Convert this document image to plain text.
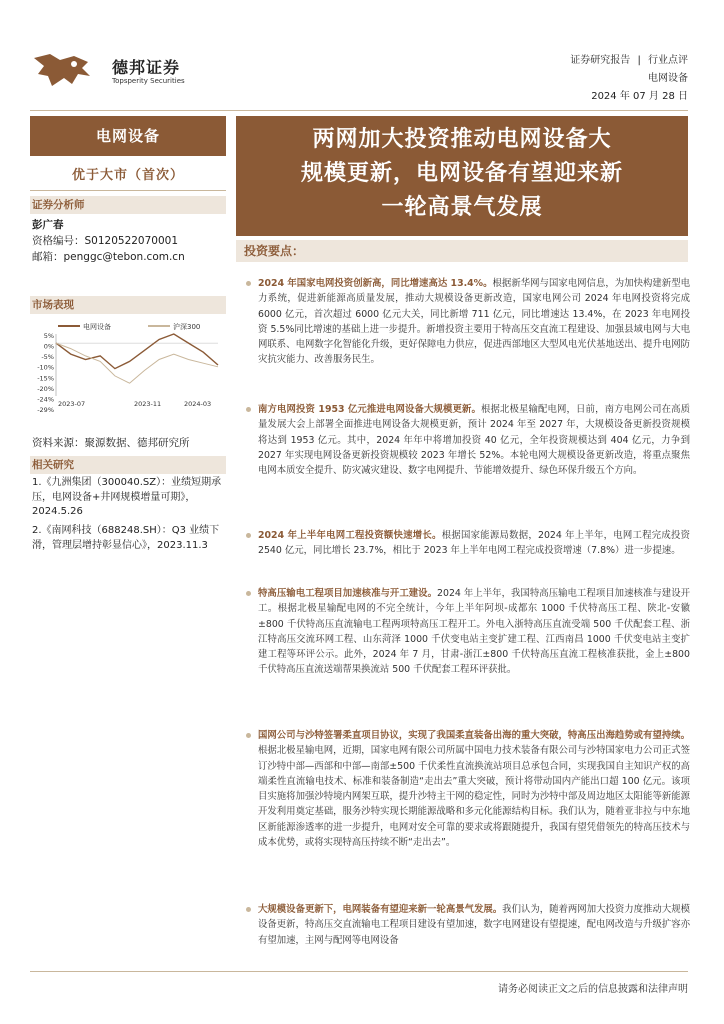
德邦证券
Topsperity Securities
证券研究报告 | 行业点评
电网设备
2024 年 07 月 28 日
电网设备
优于大市（首次）
证券分析师
彭广春
资格编号：S0120522070001
邮箱：penggc@tebon.com.cn
市场表现
5%
0%
-5%
-10%
-15%
-20%
-24%
-29%
2023-07	2023-11	2024-03
电网设备	沪深300
资料来源：聚源数据、德邦研究所
相关研究
1.《九洲集团（300040.SZ）：业绩短期承压，电网设备+井网规模增量可期》，2024.5.26
2.《南网科技（688248.SH）：Q3 业绩下滑，管理层增持彰显信心》，2023.11.3
两网加大投资推动电网设备大
规模更新，电网设备有望迎来新
一轮高景气发展
投资要点：
2024 年国家电网投资创新高，同比增速高达 13.4%。根据新华网与国家电网信息，为加快构建新型电力系统，促进新能源高质量发展，推动大规模设备更新改造，国家电网公司 2024 年电网投资将完成 6000 亿元，首次超过 6000 亿元大关，同比新增 711 亿元，同比增速达 13.4%，在 2023 年电网投资 5.5%同比增速的基础上进一步提升。新增投资主要用于特高压交直流工程建设、加强县域电网与大电网联系、电网数字化智能化升级，更好保障电力供应，促进西部地区大型风电光伏基地送出、提升电网防灾抗灾能力、改善服务民生。
南方电网投资 1953 亿元推进电网设备大规模更新。根据北极星输配电网，日前，南方电网公司在高质量发展大会上部署全面推进电网设备大规模更新，预计 2024 年至 2027 年，大规模设备更新投资规模将达到 1953 亿元。其中，2024 年年中将增加投资 40 亿元，全年投资规模达到 404 亿元，力争到 2027 年实现电网设备更新投资规模较 2023 年增长 52%。本轮电网大规模设备更新改造，将重点聚焦电网本质安全提升、防灾减灾建设、数字电网提升、节能增效提升、绿色环保升级五个方向。
2024 年上半年电网工程投资额快速增长。根据国家能源局数据，2024 年上半年，电网工程完成投资 2540 亿元，同比增长 23.7%，相比于 2023 年上半年电网工程完成投资增速（7.8%）进一步提速。
特高压输电工程项目加速核准与开工建设。2024 年上半年，我国特高压输电工程项目加速核准与建设开工。根据北极星输配电网的不完全统计，今年上半年阿坝-成都东 1000 千伏特高压工程、陕北-安徽±800 千伏特高压直流输电工程两项特高压工程开工。外电入浙特高压直流受端 500 千伏配套工程、浙江特高压交流环网工程、山东菏泽 1000 千伏变电站主变扩建工程、江西南昌 1000 千伏变电站主变扩建工程等环评公示。此外，2024 年 7 月，甘肃-浙江±800 千伏特高压直流工程核准获批，金上±800 千伏特高压直流送端帮果换流站 500 千伏配套工程环评获批。
国网公司与沙特签署柔直项目协议，实现了我国柔直装备出海的重大突破，特高压出海趋势或有望持续。根据北极星输电网，近期，国家电网有限公司所属中国电力技术装备有限公司与沙特国家电力公司正式签订沙特中部—西部和中部—南部±500 千伏柔性直流换流站项目总承包合同，实现我国自主知识产权的高端柔性直流输电技术、标准和装备制造“走出去”重大突破，预计将带动国内产能出口超 100 亿元。该项目实施将加强沙特境内网架互联，提升沙特主干网的稳定性，同时为沙特中部及周边地区太阳能等新能源开发利用奠定基础，服务沙特实现长期能源战略和多元化能源结构目标。我们认为，随着亚非拉与中东地区新能源渗透率的进一步提升，电网对安全可靠的要求或将跟随提升，我国有望凭借领先的特高压技术与成本优势，或将实现特高压持续不断“走出去”。
大规模设备更新下，电网装备有望迎来新一轮高景气发展。我们认为，随着两网加大投资力度推动大规模设备更新，特高压交直流输电工程项目建设有望加速，数字电网建设有望提速，配电网改造与升级扩容亦有望加速，主网与配网等电网设备
请务必阅读正文之后的信息披露和法律声明
